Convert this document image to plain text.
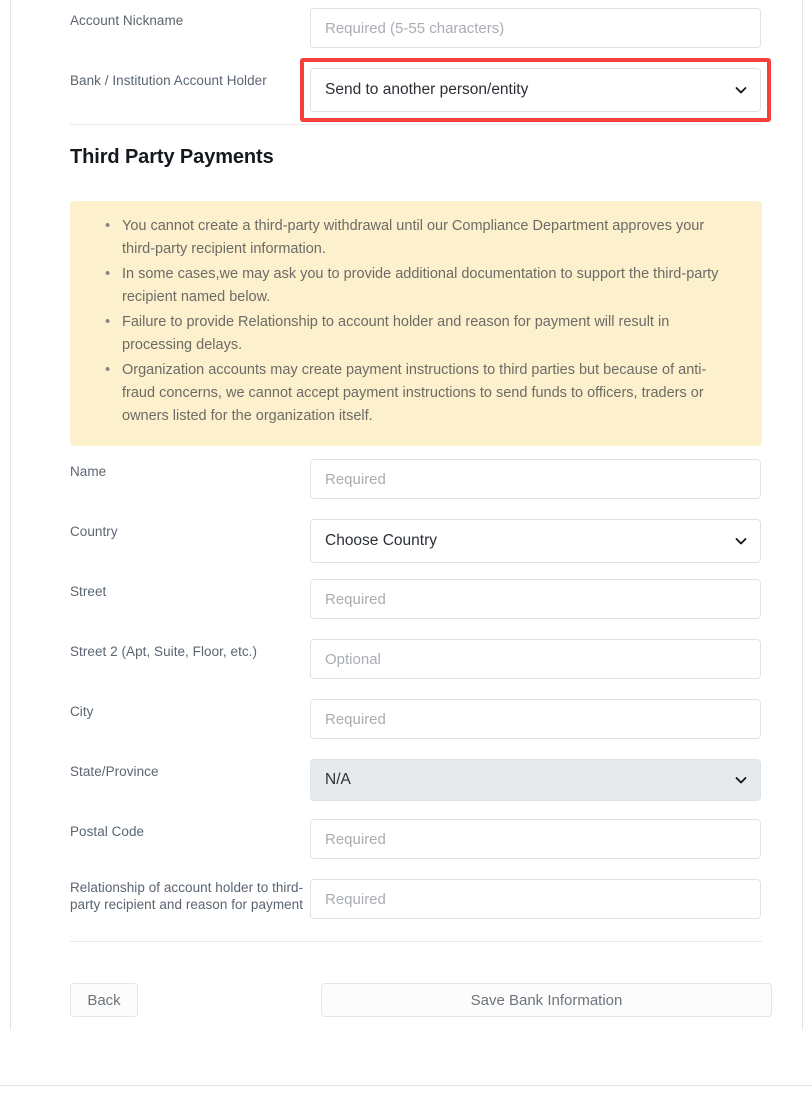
Account Nickname
Required (5-55 characters)
Bank / Institution Account Holder
Send to another person/entity
Third Party Payments
• You cannot create a third-party withdrawal until our Compliance Department approves your third-party recipient information.
• In some cases,we may ask you to provide additional documentation to support the third-party recipient named below.
• Failure to provide Relationship to account holder and reason for payment will result in processing delays.
• Organization accounts may create payment instructions to third parties but because of anti-fraud concerns, we cannot accept payment instructions to send funds to officers, traders or owners listed for the organization itself.
Name
Required
Country
Choose Country
Street
Required
Street 2 (Apt, Suite, Floor, etc.)
Optional
City
Required
State/Province	N/A
Postal Code
Required
Relationship of account holder to third-party recipient and reason for payment
Required
Back	Save Bank Information
